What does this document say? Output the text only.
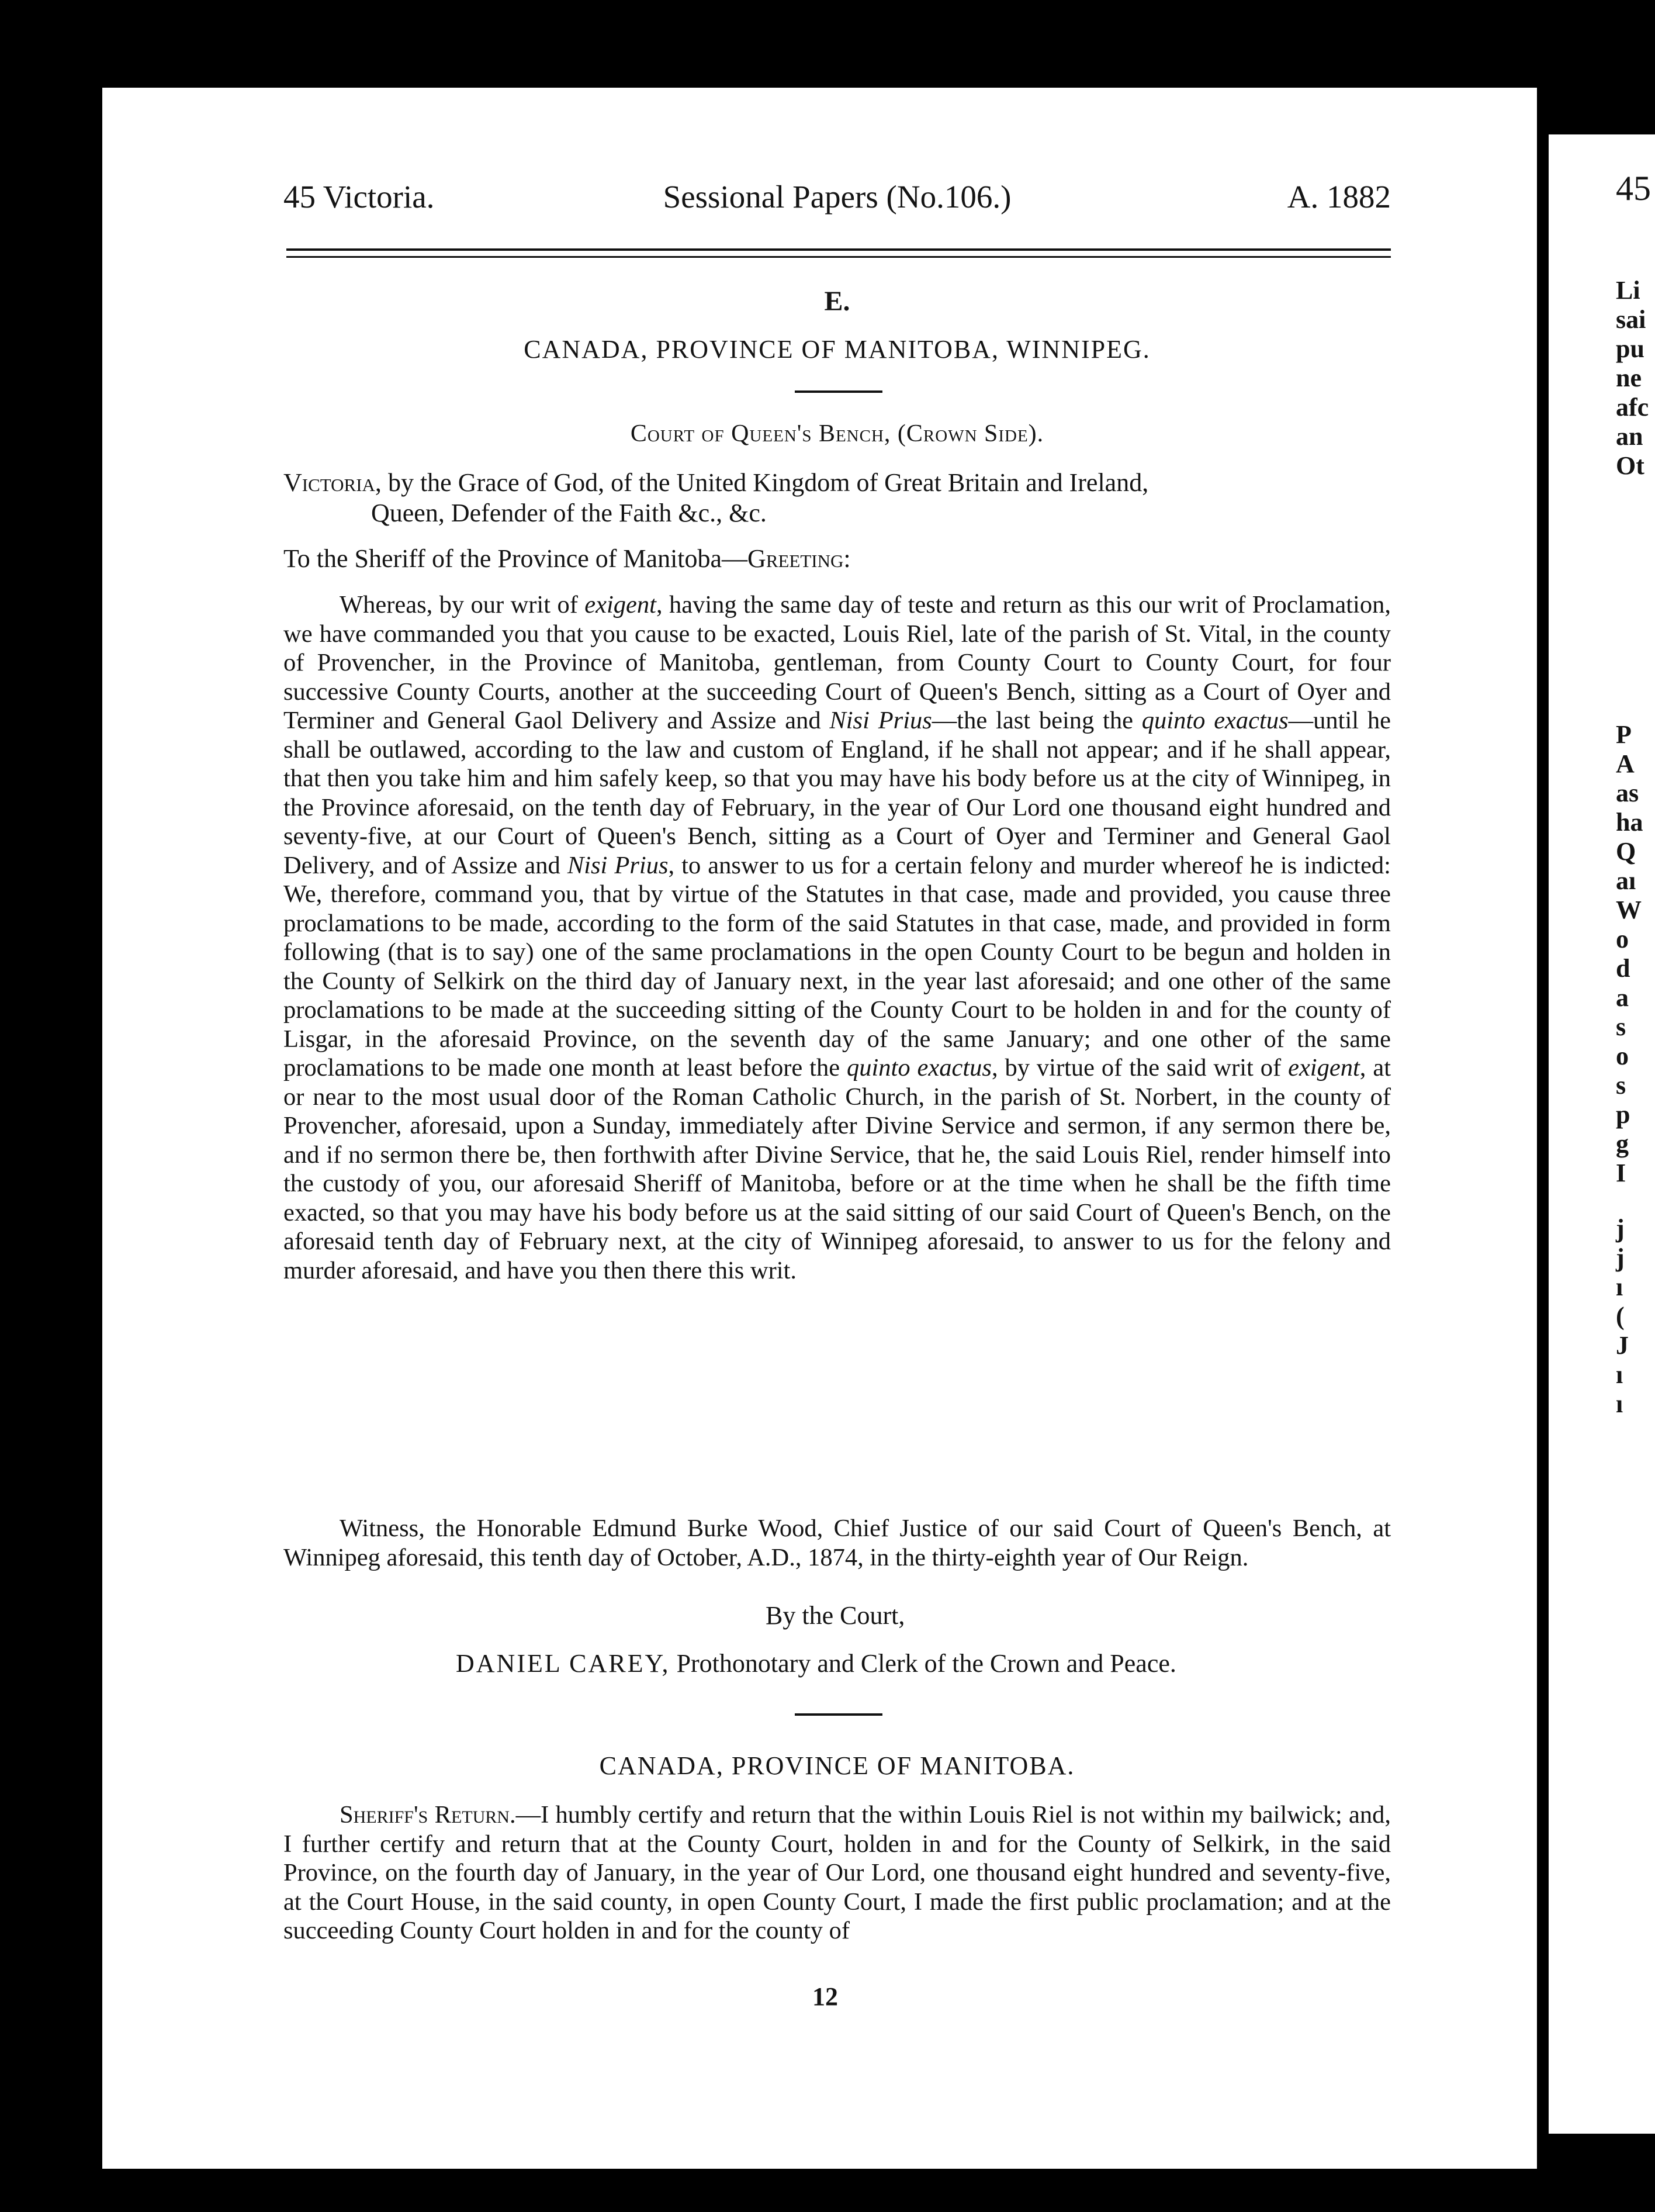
45
Li
sai
pu
ne
afc
an
Ot
P
A
as
ha
Q
aı
W
o
d
a
s
o
s
p
g
I
j
j
ı
(
J
ı
ı
45 Victoria.	Sessional Papers (No.106.)	A. 1882
E.
CANADA, PROVINCE OF MANITOBA, WINNIPEG.
Court of Queen's Bench, (Crown Side).
Victoria, by the Grace of God, of the United Kingdom of Great Britain and Ireland,
Queen, Defender of the Faith &c., &c.
To the Sheriff of the Province of Manitoba—Greeting:
Whereas, by our writ of exigent, having the same day of teste and return as this our writ of Proclamation, we have commanded you that you cause to be exacted, Louis Riel, late of the parish of St. Vital, in the county of Provencher, in the Province of Manitoba, gentleman, from County Court to County Court, for four successive County Courts, another at the succeeding Court of Queen's Bench, sitting as a Court of Oyer and Terminer and General Gaol Delivery and Assize and Nisi Prius—the last being the quinto exactus—until he shall be outlawed, according to the law and custom of England, if he shall not appear; and if he shall appear, that then you take him and him safely keep, so that you may have his body before us at the city of Winnipeg, in the Province aforesaid, on the tenth day of February, in the year of Our Lord one thousand eight hundred and seventy-five, at our Court of Queen's Bench, sitting as a Court of Oyer and Terminer and General Gaol Delivery, and of Assize and Nisi Prius, to answer to us for a certain felony and murder whereof he is indicted: We, therefore, command you, that by virtue of the Statutes in that case, made and provided, you cause three proclamations to be made, according to the form of the said Statutes in that case, made, and provided in form following (that is to say) one of the same proclamations in the open County Court to be begun and holden in the County of Selkirk on the third day of January next, in the year last aforesaid; and one other of the same proclamations to be made at the succeeding sitting of the County Court to be holden in and for the county of Lisgar, in the aforesaid Province, on the seventh day of the same January; and one other of the same proclamations to be made one month at least before the quinto exactus, by virtue of the said writ of exigent, at or near to the most usual door of the Roman Catholic Church, in the parish of St. Norbert, in the county of Provencher, aforesaid, upon a Sunday, immediately after Divine Service and sermon, if any sermon there be, and if no sermon there be, then forthwith after Divine Service, that he, the said Louis Riel, render himself into the custody of you, our aforesaid Sheriff of Manitoba, before or at the time when he shall be the fifth time exacted, so that you may have his body before us at the said sitting of our said Court of Queen's Bench, on the aforesaid tenth day of February next, at the city of Winnipeg aforesaid, to answer to us for the felony and murder aforesaid, and have you then there this writ.
Witness, the Honorable Edmund Burke Wood, Chief Justice of our said Court of Queen's Bench, at Winnipeg aforesaid, this tenth day of October, A.D., 1874, in the thirty-eighth year of Our Reign.
By the Court,
DANIEL CAREY, Prothonotary and Clerk of the Crown and Peace.
CANADA, PROVINCE OF MANITOBA.
Sheriff's Return.—I humbly certify and return that the within Louis Riel is not within my bailwick; and, I further certify and return that at the County Court, holden in and for the County of Selkirk, in the said Province, on the fourth day of January, in the year of Our Lord, one thousand eight hundred and seventy-five, at the Court House, in the said county, in open County Court, I made the first public proclamation; and at the succeeding County Court holden in and for the county of
12
